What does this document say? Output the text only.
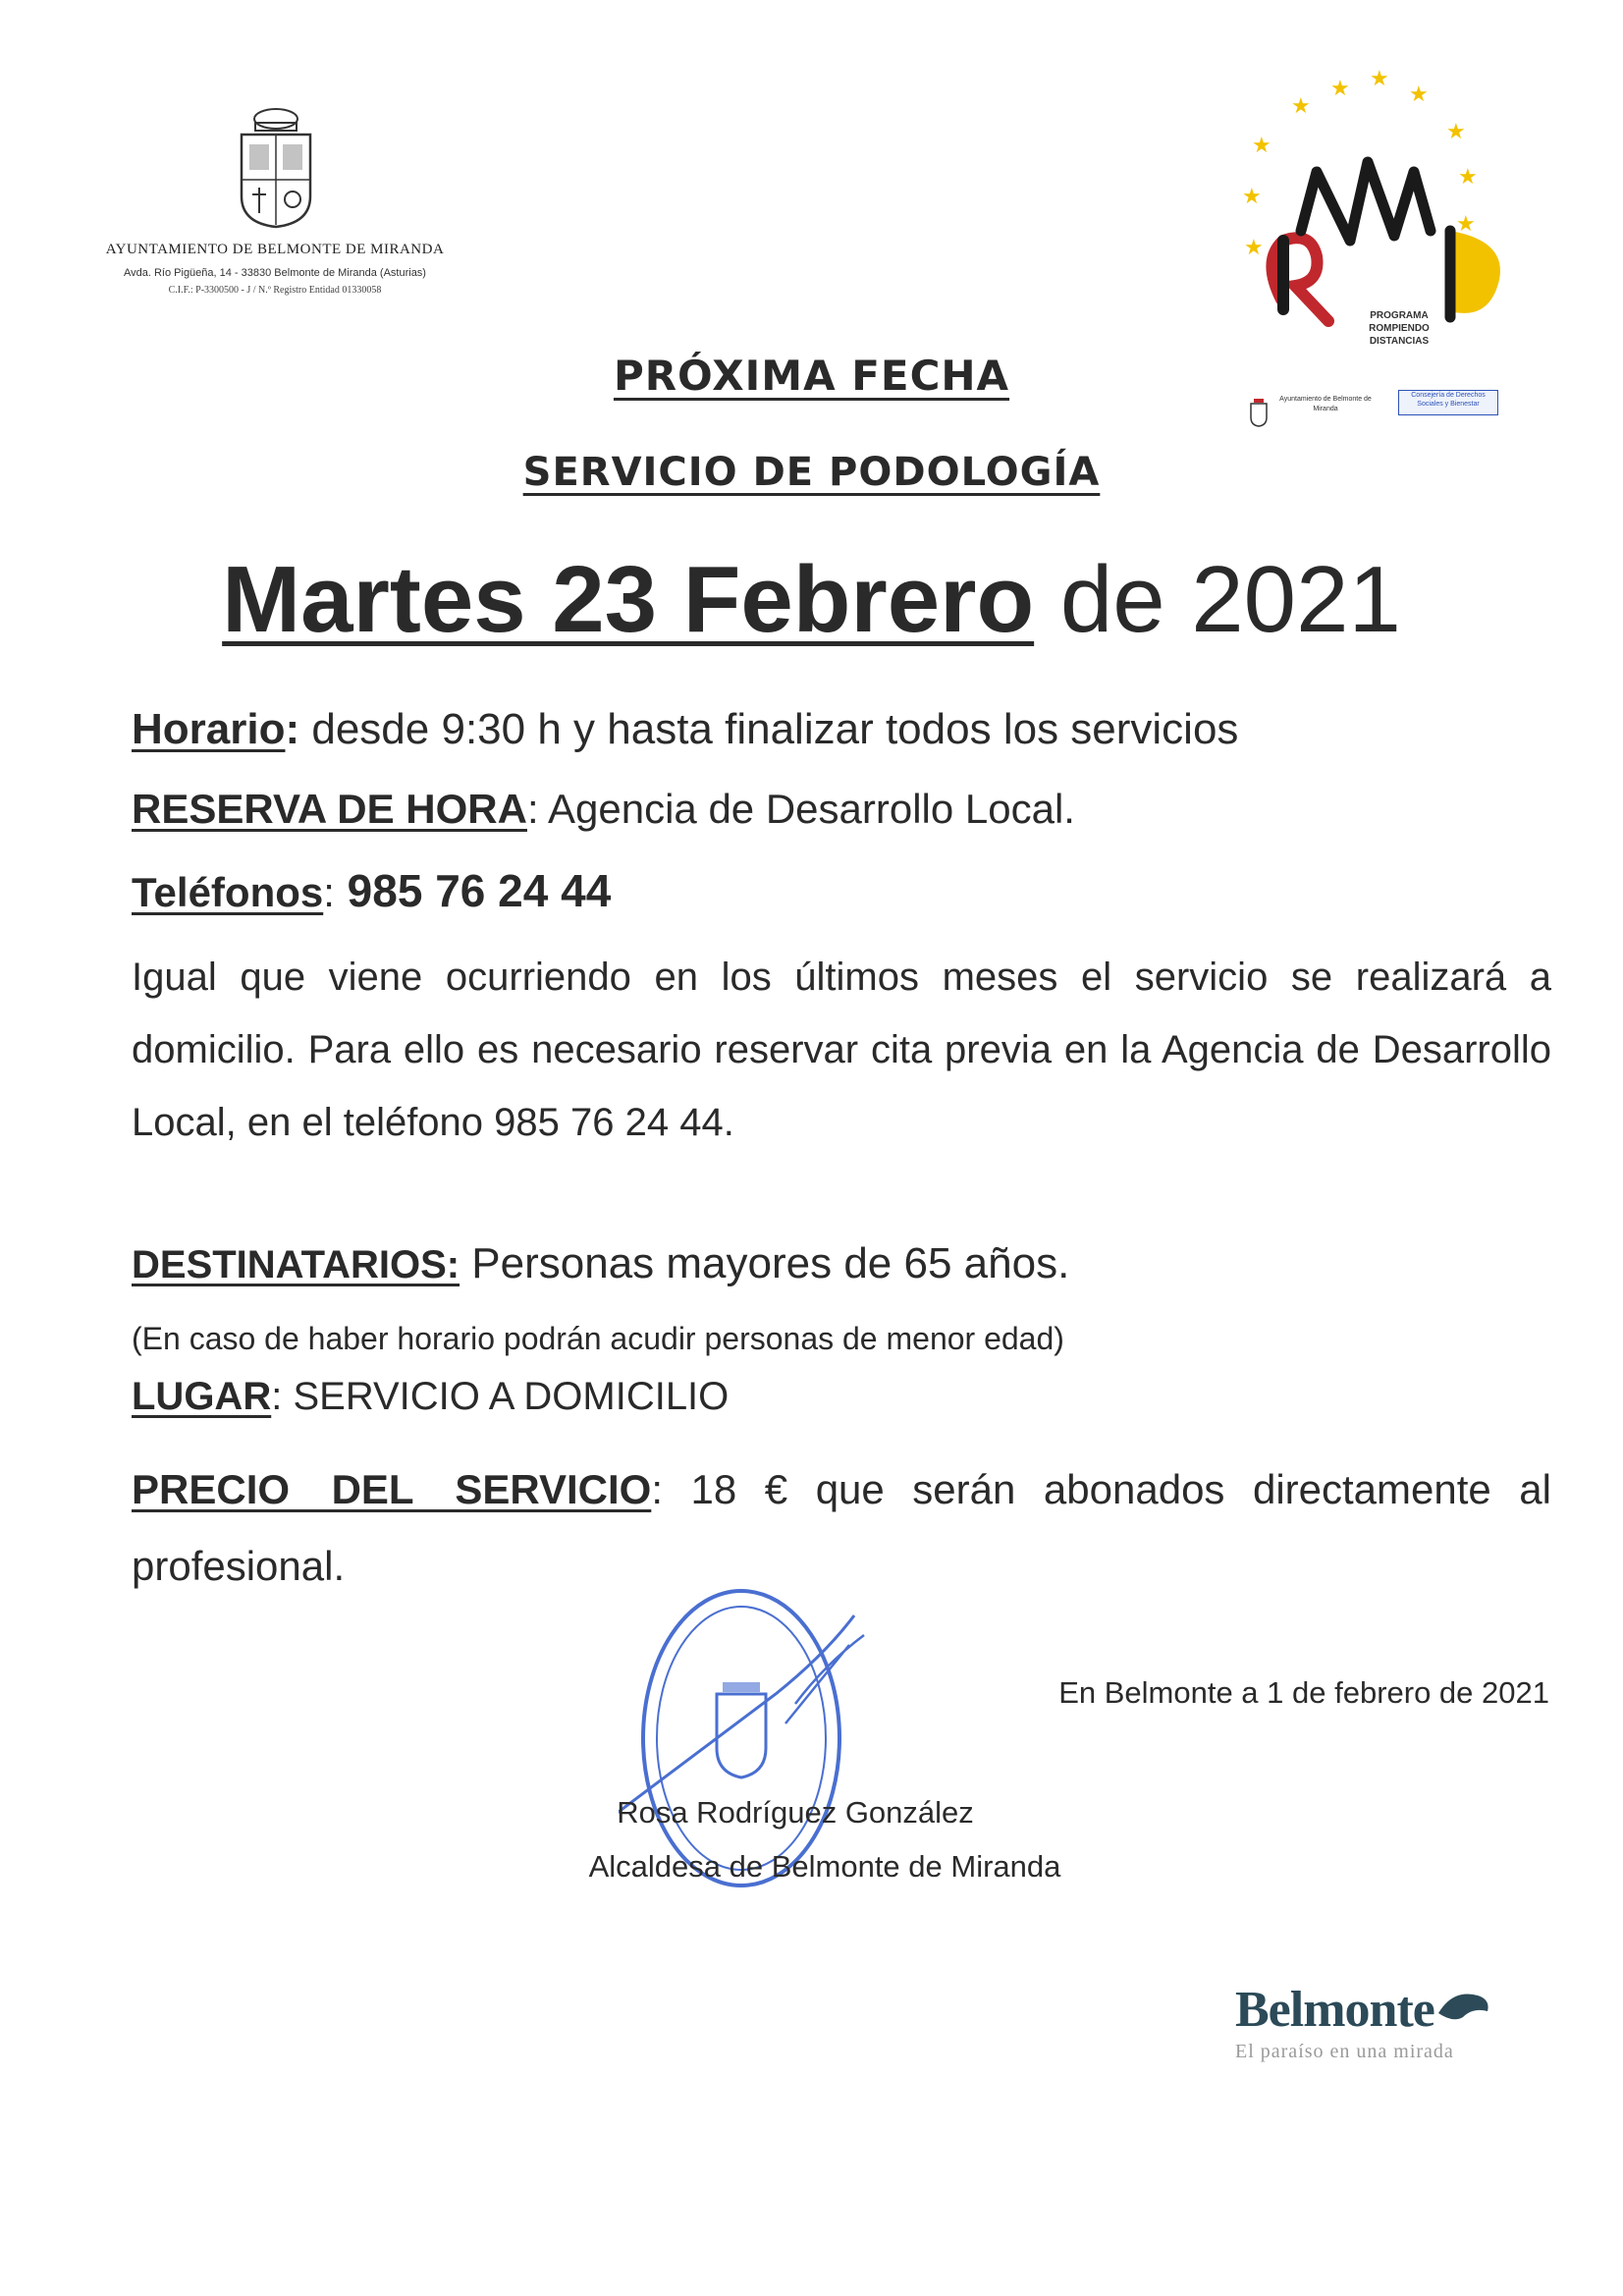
AYUNTAMIENTO DE BELMONTE DE MIRANDA
Avda. Río Pigüeña, 14 - 33830 Belmonte de Miranda (Asturias)
C.I.F.: P-3300500 - J / N.º Registro Entidad 01330058
★
★ ★
★
★
★
★
★
★
★
PROGRAMA
ROMPIENDO
DISTANCIAS
Ayuntamiento de Belmonte de Miranda
Consejería de Derechos Sociales y Bienestar
PRÓXIMA FECHA
SERVICIO DE PODOLOGÍA
Martes 23 Febrero de 2021
Horario: desde 9:30 h y hasta finalizar todos los servicios
RESERVA DE HORA: Agencia de Desarrollo Local.
Teléfonos: 985 76 24 44
Igual que viene ocurriendo en los últimos meses el servicio se realizará a domicilio. Para ello es necesario reservar cita previa en la Agencia de Desarrollo Local, en el teléfono 985 76 24 44.
DESTINATARIOS: Personas mayores de 65 años.
(En caso de haber horario podrán acudir personas de menor edad)
LUGAR: SERVICIO A DOMICILIO
PRECIO DEL SERVICIO: 18 € que serán abonados directamente al profesional.
En Belmonte a 1 de febrero de 2021
Rosa Rodríguez González
Alcaldesa de Belmonte de Miranda
Belmonte
El paraíso en una mirada
